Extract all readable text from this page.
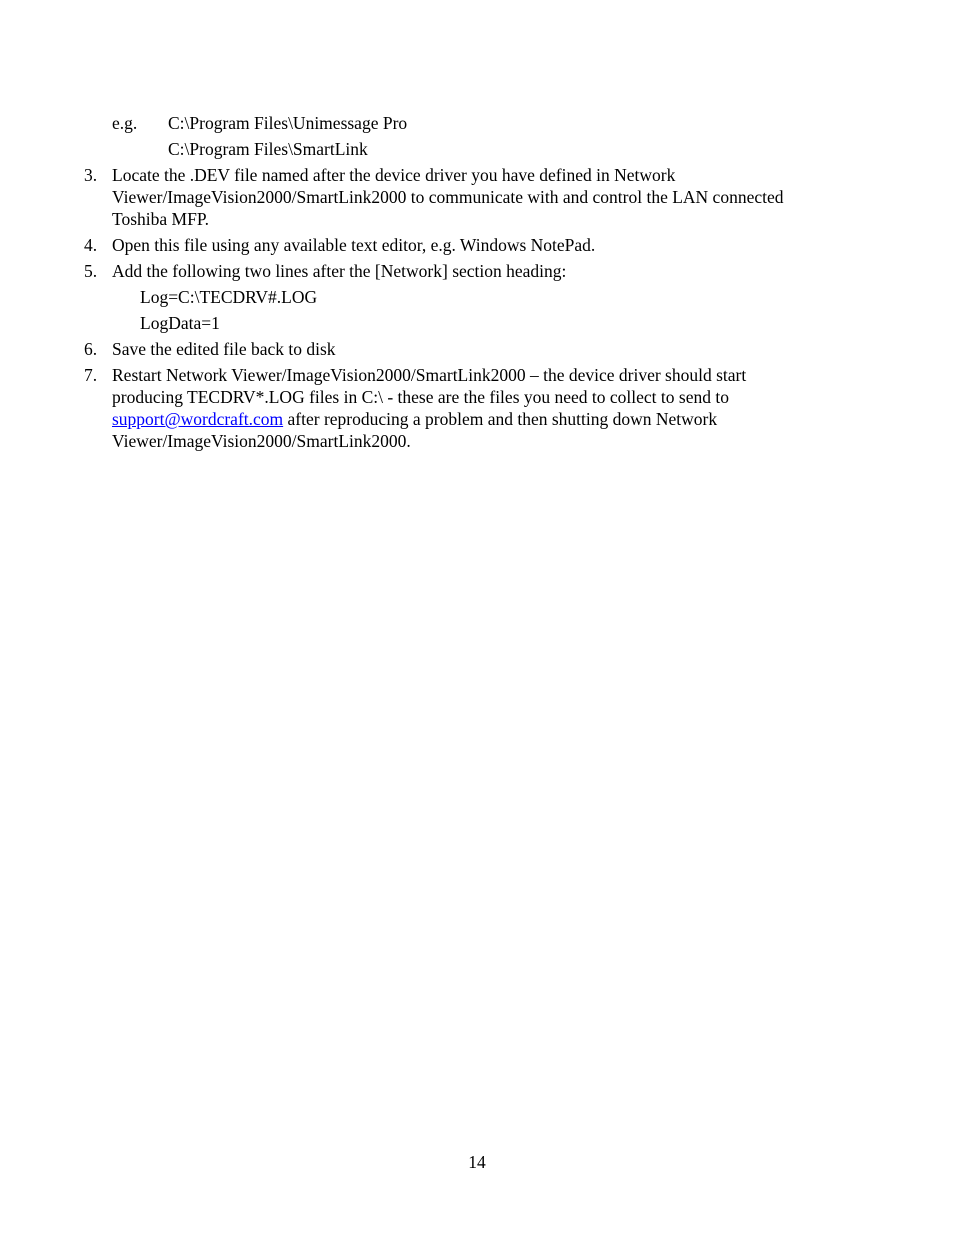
e.g. C:\Program Files\Unimessage Pro
C:\Program Files\SmartLink
3. Locate the .DEV file named after the device driver you have defined in Network
Viewer/ImageVision2000/SmartLink2000 to communicate with and control the LAN connected
Toshiba MFP.
4. Open this file using any available text editor, e.g. Windows NotePad.
5. Add the following two lines after the [Network] section heading:
Log=C:\TECDRV#.LOG
LogData=1
6. Save the edited file back to disk
7. Restart Network Viewer/ImageVision2000/SmartLink2000 – the device driver should start
producing TECDRV*.LOG files in C:\ - these are the files you need to collect to send to
support@wordcraft.com after reproducing a problem and then shutting down Network
Viewer/ImageVision2000/SmartLink2000.
14
